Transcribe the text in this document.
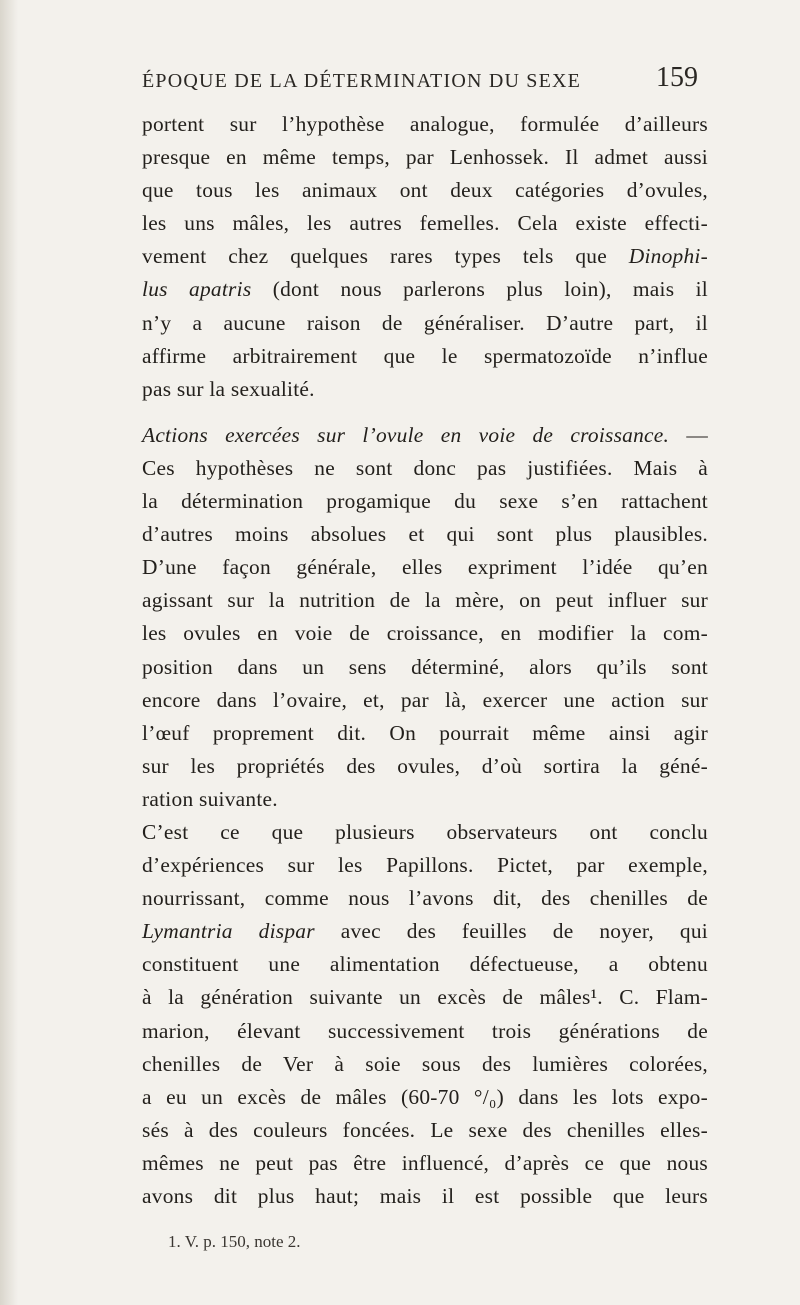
ÉPOQUE DE LA DÉTERMINATION DU SEXE	159
portent sur l’hypothèse analogue, formulée d’ailleurs
presque en même temps, par Lenhossek. Il admet aussi
que tous les animaux ont deux catégories d’ovules,
les uns mâles, les autres femelles. Cela existe effecti-
vement chez quelques rares types tels que Dinophi-
lus apatris (dont nous parlerons plus loin), mais il
n’y a aucune raison de généraliser. D’autre part, il
affirme arbitrairement que le spermatozoïde n’influe
pas sur la sexualité.
Actions exercées sur l’ovule en voie de croissance. —
Ces hypothèses ne sont donc pas justifiées. Mais à
la détermination progamique du sexe s’en rattachent
d’autres moins absolues et qui sont plus plausibles.
D’une façon générale, elles expriment l’idée qu’en
agissant sur la nutrition de la mère, on peut influer sur
les ovules en voie de croissance, en modifier la com-
position dans un sens déterminé, alors qu’ils sont
encore dans l’ovaire, et, par là, exercer une action sur
l’œuf proprement dit. On pourrait même ainsi agir
sur les propriétés des ovules, d’où sortira la géné-
ration suivante.
C’est ce que plusieurs observateurs ont conclu
d’expériences sur les Papillons. Pictet, par exemple,
nourrissant, comme nous l’avons dit, des chenilles de
Lymantria dispar avec des feuilles de noyer, qui
constituent une alimentation défectueuse, a obtenu
à la génération suivante un excès de mâles¹. C. Flam-
marion, élevant successivement trois générations de
chenilles de Ver à soie sous des lumières colorées,
a eu un excès de mâles (60-70 °/₀) dans les lots expo-
sés à des couleurs foncées. Le sexe des chenilles elles-
mêmes ne peut pas être influencé, d’après ce que nous
avons dit plus haut; mais il est possible que leurs
1. V. p. 150, note 2.
